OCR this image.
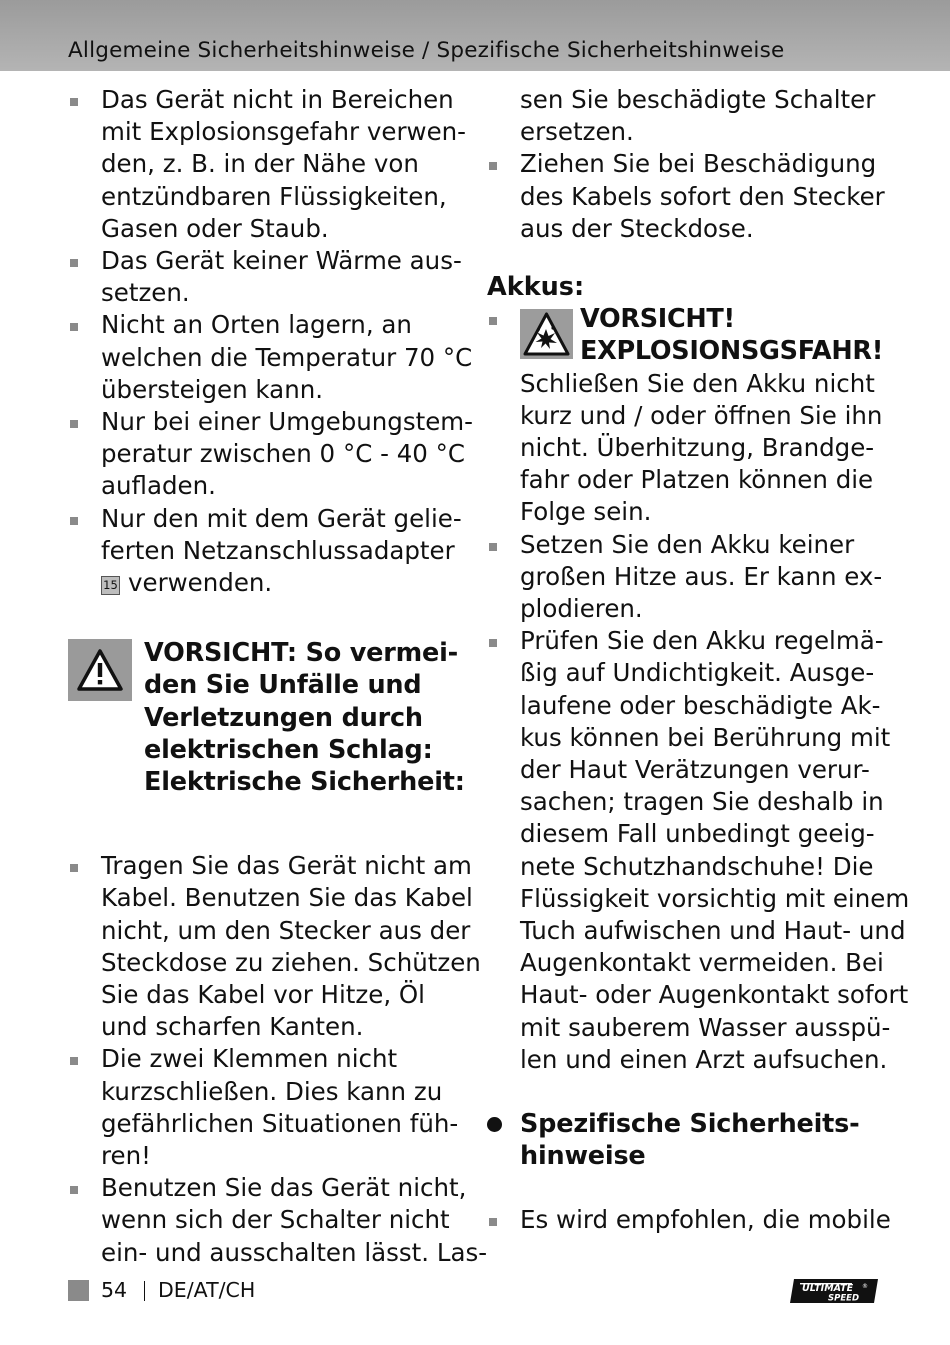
Allgemeine Sicherheitshinweise / Spezifische Sicherheitshinweise
Das Gerät nicht in Bereichen
mit Explosionsgefahr verwen-
den, z. B. in der Nähe von
entzündbaren Flüssigkeiten,
Gasen oder Staub.
Das Gerät keiner Wärme aus-
setzen.
Nicht an Orten lagern, an
welchen die Temperatur 70 °C
übersteigen kann.
Nur bei einer Umgebungstem-
peratur zwischen 0 °C - 40 °C
aufladen.
Nur den mit dem Gerät gelie-
ferten Netzanschlussadapter
15 verwenden.
VORSICHT: So vermei-
den Sie Unfälle und
Verletzungen durch
elektrischen Schlag:
Elektrische Sicherheit:
Tragen Sie das Gerät nicht am
Kabel. Benutzen Sie das Kabel
nicht, um den Stecker aus der
Steckdose zu ziehen. Schützen
Sie das Kabel vor Hitze, Öl
und scharfen Kanten.
Die zwei Klemmen nicht
kurzschließen. Dies kann zu
gefährlichen Situationen füh-
ren!
Benutzen Sie das Gerät nicht,
wenn sich der Schalter nicht
ein- und ausschalten lässt. Las-
sen Sie beschädigte Schalter
ersetzen.
Ziehen Sie bei Beschädigung
des Kabels sofort den Stecker
aus der Steckdose.
Akkus:
VORSICHT!
EXPLOSIONSGSFAHR!
Schließen Sie den Akku nicht
kurz und / oder öffnen Sie ihn
nicht. Überhitzung, Brandge-
fahr oder Platzen können die
Folge sein.
Setzen Sie den Akku keiner
großen Hitze aus. Er kann ex-
plodieren.
Prüfen Sie den Akku regelmä-
ßig auf Undichtigkeit. Ausge-
laufene oder beschädigte Ak-
kus können bei Berührung mit
der Haut Verätzungen verur-
sachen; tragen Sie deshalb in
diesem Fall unbedingt geeig-
nete Schutzhandschuhe! Die
Flüssigkeit vorsichtig mit einem
Tuch aufwischen und Haut- und
Augenkontakt vermeiden. Bei
Haut- oder Augenkontakt sofort
mit sauberem Wasser ausspü-
len und einen Arzt aufsuchen.
Spezifische Sicherheits-
hinweise
Es wird empfohlen, die mobile
54 DE/AT/CH	ULTIMATE
SPEED
®
